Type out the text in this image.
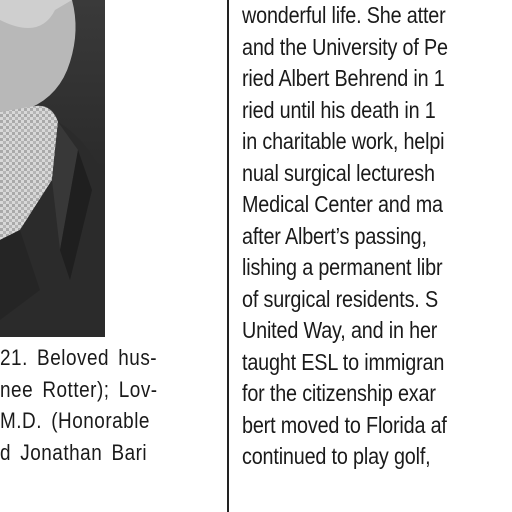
wonderful life. She atter
and the University of Pe
ried Albert Behrend in 1
ried until his death in 1
in charitable work, helpi
nual surgical lecturesh
Medical Center and ma
after Albert’s passing,
lishing a permanent libr
of surgical residents. S
United Way, and in her
taught ESL to immigran
for the citizenship exar
bert moved to Florida af
continued to play golf,
21. Beloved hus-
nee Rotter); Lov-
M.D. (Honorable
d Jonathan Bari
